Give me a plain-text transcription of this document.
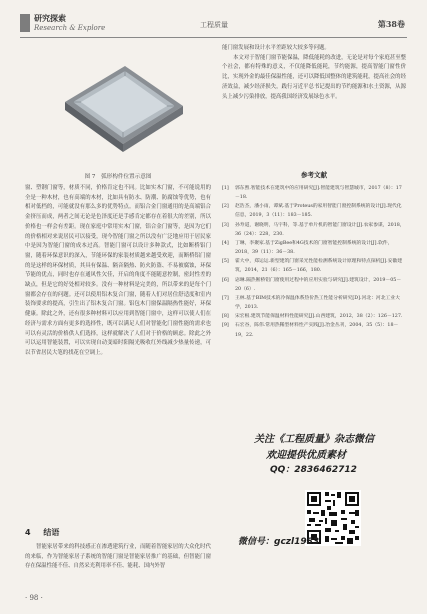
研究探索
Research & Explore	工程质量	第38卷
图 7　弧形构件位置示意图

窗、塑钢门窗等，材质不同，价格肯定也不同。比如实木门窗，不可能说用的全是一种木材，也有高端的木材，比如具有防水、防潮、防腐蚀等优势，也有相对低档的，可能就没有那么多的优势特点。而铝合金门窗通用的是高端铝合金挤压而成，两者之间无论是色泽度还是手感肯定都存在着很大的差别，所以价格也一样会有差距。现在家庭中常用实木门窗，铝合金门窗等，是因为它们的价格相对来说居民可以接受，现今智能门窗之所以没有广泛地应用于居民家中是因为智能门窗的成本过高。智能门窗可以设计多种款式，比如断桥铝门窗，随着环保意识的深入，节能环保的家装材质越来越受欢迎，而断桥铝门窗的是这样的环保材质，其具有保温、隔音隔热、防火防盗、不易被腐蚀，环保节能的优点，同时也存在通风性欠佳，开启的角度不能随意控制，密封性差的缺点，但是它的好处相对较多。没有一种材料是完美的，所以带来的是每个门窗都会存在的问题。还可以使用铝木复合门窗，随着人们对居住舒适度和室内装饰要求的提高，引生出了铝木复合门窗。铝包木门窗保温隔热性能好，环保健康。除此之外，还有很多种材料可以应用到智能门窗中，这样可以使人们在经济与需求方面有更多的选择性，既可以满足人们对智能化门窗性能的需求也可以有灵活的价格供人们选择，这样就解决了人们对于价格的顾虑。除此之外可以运用智能装置，可以实现自动变暗时阳隔光吸收红外线减少热量传递，可以节省居民大笔的找花在空调上。

4 结语

智能家居带来的科技感正在渗透建筑行业，而随着智能家居的大众化时代的来临，作为智能家居子系统的智能门窗是智能家居推广的基础，但智能门窗存在保温性能不佳、自然采光利用率不佳、能耗、国内外智

能门窗发展和设计水平差距较大较多等问题。

本文对于智能门窗节能保温，降低能耗的改进，无论是对每个家庭甚至整个社会，都有特殊的意义，不仅能降低能耗，节约能源，提高智能门窗性价比，实现外金的最佳保温性能，还可以降低国整体的建筑能耗，提高社会的经济效益，减少经济损失，践行习近平总书记提出的节约能源和水土资源，从源头上减少污染排放，提高我国经济发展绿色水平。

参考文献
[1]	郭东煦.智能技术在建筑中的应用研究[J].智能建筑与智慧城市，2017（8）：17－18.
[2]	赵浩杰，潘小雨，谭斌.基于Proteus的家用智能门窗控制系统的设计[J].现代化信息，2019，3（11）：183－185.
[3]	孙寿道，谢晓明，马宇科，等.基于单片机的智能门窗设计[J].农家参谋，2018，36（24）：228，230.
[4]	丁琳，李聚家.基于ZigBee和4G技术的门窗智能控制系统的设计[J].软件，2018，39（11）：36－38.
[5]	霍大中，郑运运.新型建筑门窗采光性能检测系统设计原理和特点探析[J].安徽建筑，2014，21（6）：165－166，180.
[6]	宓琳.隔热断桥铝门窗使用过程中的应用实验与研究[J].建筑设计，2019－05－20（6）.
[7]	王林.基于BIM技术的冷保温体系热价热工性能分析研究[D].河北：河北工业大学，2013.
[8]	宋宏根.建筑节能保温材料性能研究[J].山西建筑，2012，38（2）：126－127.
[9]	石宏谷，陈伟.常用热稀型材料性产实践[J].冶金丛刊，2004，35（5）：18－19，22.
关注《工程质量》杂志微信
欢迎提供优质素材
QQ：2836462712
微信号：gczl1983
· 98 ·
